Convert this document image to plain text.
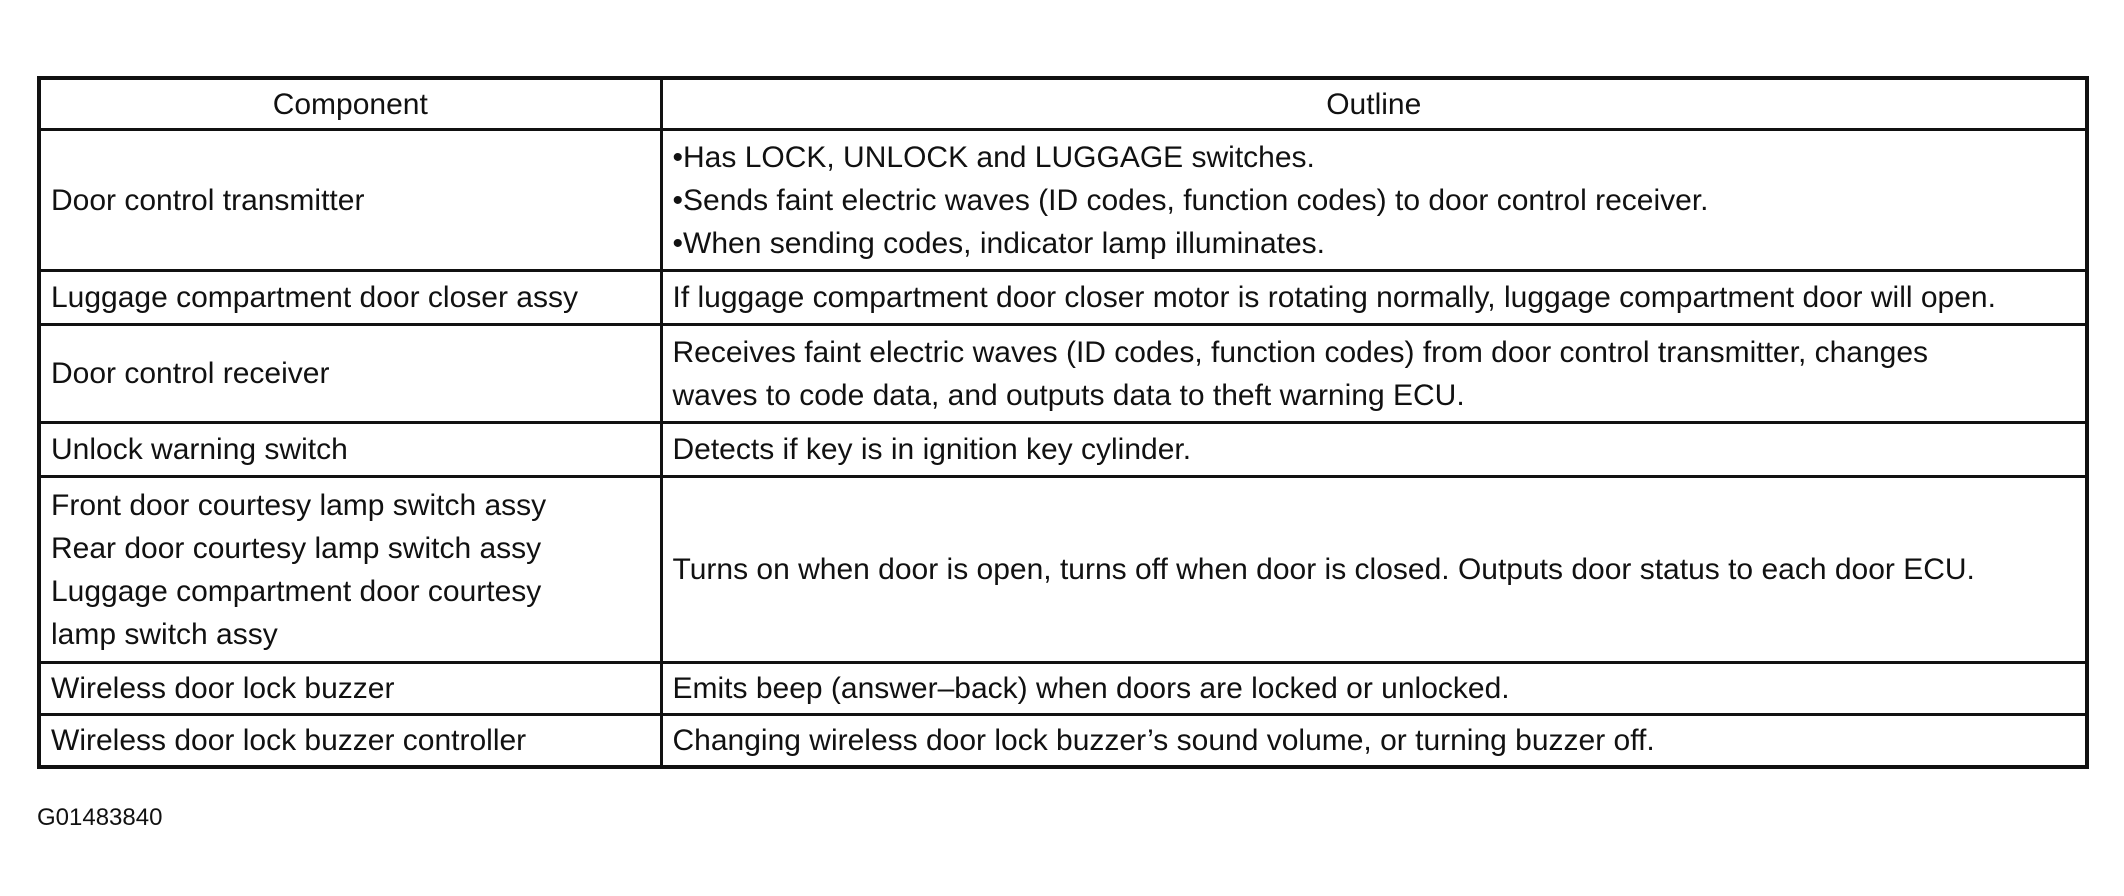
Component	Outline

Door control transmitter	•Has LOCK, UNLOCK and LUGGAGE switches.
•Sends faint electric waves (ID codes, function codes) to door control receiver.
•When sending codes, indicator lamp illuminates.

Luggage compartment door closer assy	If luggage compartment door closer motor is rotating normally, luggage compartment door will open.

Door control receiver	Receives faint electric waves (ID codes, function codes) from door control transmitter, changes
waves to code data, and outputs data to theft warning ECU.

Unlock warning switch	Detects if key is in ignition key cylinder.

Front door courtesy lamp switch assy
Rear door courtesy lamp switch assy
Luggage compartment door courtesy
lamp switch assy	Turns on when door is open, turns off when door is closed. Outputs door status to each door ECU.

Wireless door lock buzzer	Emits beep (answer–back) when doors are locked or unlocked.

Wireless door lock buzzer controller	Changing wireless door lock buzzer’s sound volume, or turning buzzer off.
G01483840
